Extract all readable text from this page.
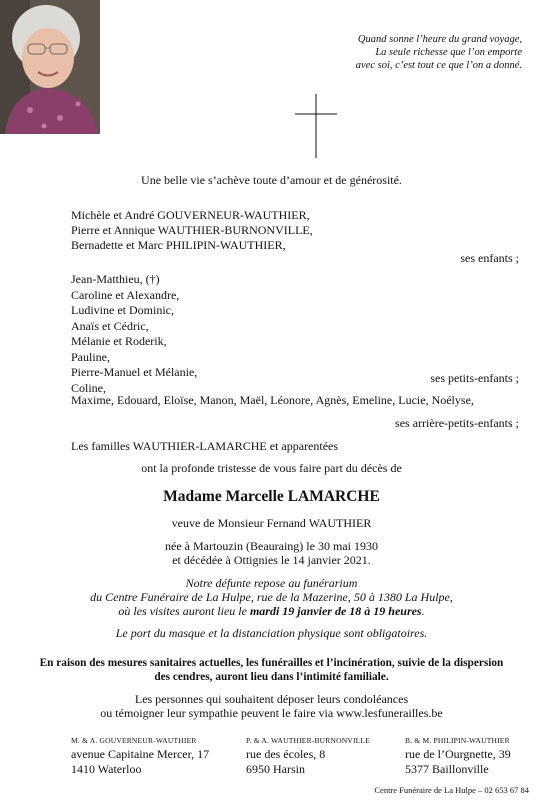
Quand sonne l’heure du grand voyage,
La seule richesse que l’on emporte
avec soi, c’est tout ce que l’on a donné.
Une belle vie s’achève toute d’amour et de générosité.
Michèle et André GOUVERNEUR-WAUTHIER,
Pierre et Annique WAUTHIER-BURNONVILLE,
Bernadette et Marc PHILIPIN-WAUTHIER,
ses enfants ;
Jean-Matthieu, (†)
Caroline et Alexandre,
Ludivine et Dominic,
Anaïs et Cédric,
Mélanie et Roderik,
Pauline,
Pierre-Manuel et Mélanie,
Coline,
ses petits-enfants ;
Maxime, Edouard, Eloïse, Manon, Maël, Léonore, Agnès, Emeline, Lucie, Noélyse,
ses arrière-petits-enfants ;
Les familles WAUTHIER-LAMARCHE et apparentées
ont la profonde tristesse de vous faire part du décès de
Madame Marcelle LAMARCHE
veuve de Monsieur Fernand WAUTHIER
née à Martouzin (Beauraing) le 30 mai 1930
et décédée à Ottignies le 14 janvier 2021.
Notre défunte repose au funérarium
du Centre Funéraire de La Hulpe, rue de la Mazerine, 50 à 1380 La Hulpe,
où les visites auront lieu le mardi 19 janvier de 18 à 19 heures.
Le port du masque et la distanciation physique sont obligatoires.
En raison des mesures sanitaires actuelles, les funérailles et l’incinération, suivie de la dispersion
des cendres, auront lieu dans l’intimité familiale.
Les personnes qui souhaitent déposer leurs condoléances
ou témoigner leur sympathie peuvent le faire via www.lesfunerailles.be
M. & A. GOUVERNEUR-WAUTHIER
avenue Capitaine Mercer, 17
1410 Waterloo
P. & A. WAUTHIER-BURNONVILLE
rue des écoles, 8
6950 Harsin
B. & M. PHILIPIN-WAUTHIER
rue de l’Ourgnette, 39
5377 Baillonville
Centre Funéraire de La Hulpe – 02 653 67 84
